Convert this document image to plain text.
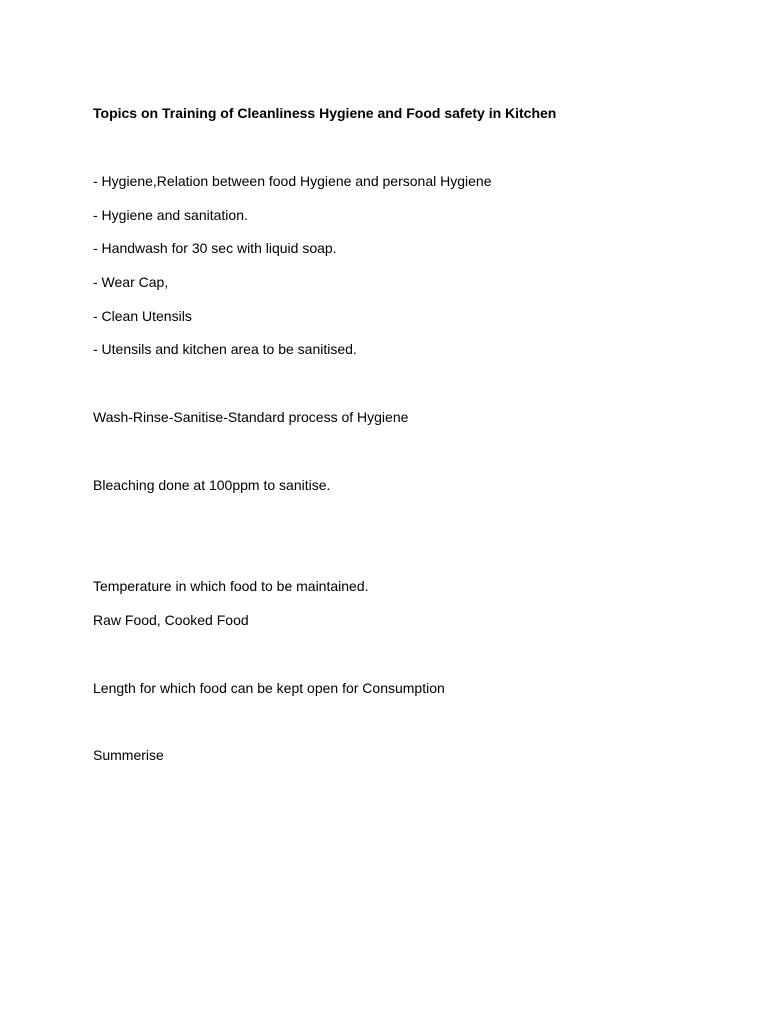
Topics on Training of Cleanliness Hygiene and Food safety in Kitchen
- Hygiene,Relation between food Hygiene and personal Hygiene
- Hygiene and sanitation.
- Handwash for 30 sec with liquid soap.
- Wear Cap,
- Clean Utensils
- Utensils and kitchen area to be sanitised.
Wash-Rinse-Sanitise-Standard process of Hygiene
Bleaching done at 100ppm to sanitise.
Temperature in which food to be maintained.
Raw Food, Cooked Food
Length for which food can be kept open for Consumption
Summerise
